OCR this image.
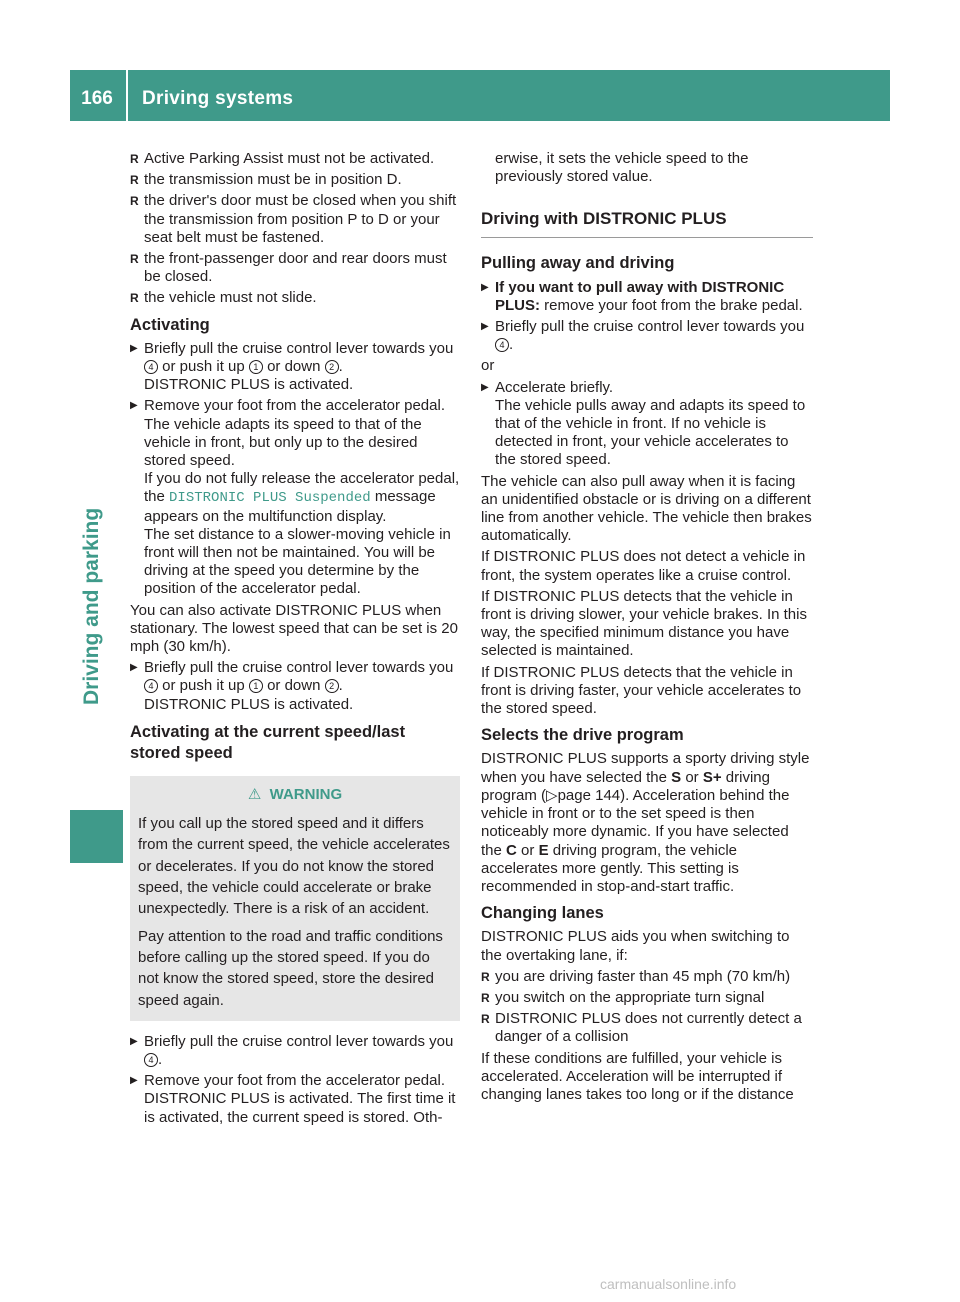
166	Driving systems
Driving and parking
R Active Parking Assist must not be activated.
R the transmission must be in position D.
R the driver's door must be closed when you shift the transmission from position P to D or your seat belt must be fastened.
R the front-passenger door and rear doors must be closed.
R the vehicle must not slide.
Activating
▶ Briefly pull the cruise control lever towards you 4 or push it up 1 or down 2 .
DISTRONIC PLUS is activated.
▶ Remove your foot from the accelerator pedal. The vehicle adapts its speed to that of the vehicle in front, but only up to the desired stored speed.
If you do not fully release the accelerator pedal, the DISTRONIC PLUS Suspended message appears on the multifunction display.
The set distance to a slower-moving vehicle in front will then not be maintained. You will be driving at the speed you determine by the position of the accelerator pedal.

You can also activate DISTRONIC PLUS when stationary. The lowest speed that can be set is 20 mph (30 km/h).

▶ Briefly pull the cruise control lever towards you 4 or push it up 1 or down 2 .
DISTRONIC PLUS is activated.
Activating at the current speed/last stored speed
⚠ WARNING

If you call up the stored speed and it differs from the current speed, the vehicle accelerates or decelerates. If you do not know the stored speed, the vehicle could accelerate or brake unexpectedly. There is a risk of an accident.

Pay attention to the road and traffic conditions before calling up the stored speed. If you do not know the stored speed, store the desired speed again.

▶ Briefly pull the cruise control lever towards you 4 .
▶ Remove your foot from the accelerator pedal. DISTRONIC PLUS is activated. The first time it is activated, the current speed is stored. Oth-

erwise, it sets the vehicle speed to the previously stored value.

Driving with DISTRONIC PLUS
Pulling away and driving
▶ If you want to pull away with DISTRONIC PLUS: remove your foot from the brake pedal.
▶ Briefly pull the cruise control lever towards you 4 .

or

▶ Accelerate briefly.
The vehicle pulls away and adapts its speed to that of the vehicle in front. If no vehicle is detected in front, your vehicle accelerates to the stored speed.

The vehicle can also pull away when it is facing an unidentified obstacle or is driving on a different line from another vehicle. The vehicle then brakes automatically.

If DISTRONIC PLUS does not detect a vehicle in front, the system operates like a cruise control.

If DISTRONIC PLUS detects that the vehicle in front is driving slower, your vehicle brakes. In this way, the specified minimum distance you have selected is maintained.

If DISTRONIC PLUS detects that the vehicle in front is driving faster, your vehicle accelerates to the stored speed.

Selects the drive program

DISTRONIC PLUS supports a sporty driving style when you have selected the S or S+ driving program (▷page 144). Acceleration behind the vehicle in front or to the set speed is then noticeably more dynamic. If you have selected the C or E driving program, the vehicle accelerates more gently. This setting is recommended in stop-and-start traffic.

Changing lanes

DISTRONIC PLUS aids you when switching to the overtaking lane, if:

R you are driving faster than 45 mph (70 km/h)
R you switch on the appropriate turn signal
R DISTRONIC PLUS does not currently detect a danger of a collision

If these conditions are fulfilled, your vehicle is accelerated. Acceleration will be interrupted if changing lanes takes too long or if the distance

carmanualsonline.info
